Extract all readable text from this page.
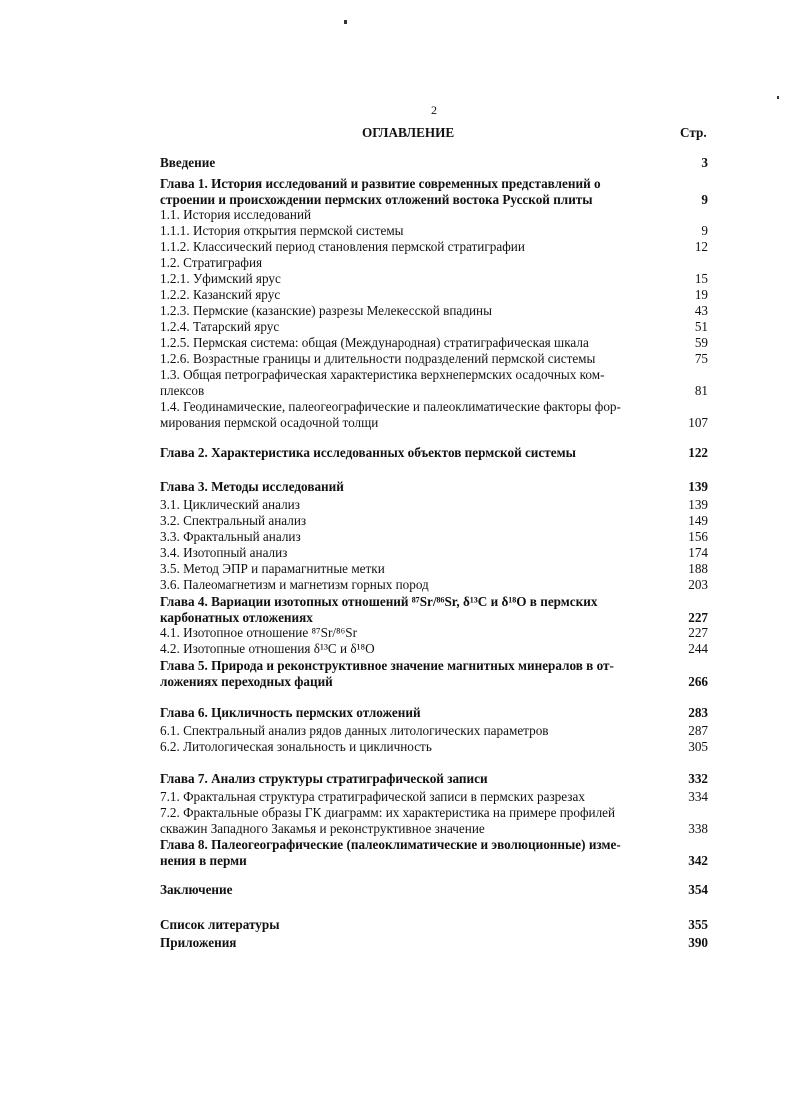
2
ОГЛАВЛЕНИЕ	Стр.
Введение	3
Глава 1. История исследований и развитие современных представлений о
строении и происхождении пермских отложений востока Русской плиты	9
1.1. История исследований
1.1.1. История открытия пермской системы	9
1.1.2. Классический период становления пермской стратиграфии	12
1.2. Стратиграфия
1.2.1. Уфимский ярус	15
1.2.2. Казанский ярус	19
1.2.3. Пермские (казанские) разрезы Мелекесской впадины	43
1.2.4. Татарский ярус	51
1.2.5. Пермская система: общая (Международная) стратиграфическая шкала	59
1.2.6. Возрастные границы и длительности подразделений пермской системы	75
1.3. Общая петрографическая характеристика верхнепермских осадочных ком-
плексов	81
1.4. Геодинамические, палеогеографические и палеоклиматические факторы фор-
мирования пермской осадочной толщи	107
Глава 2. Характеристика исследованных объектов пермской системы	122
Глава 3. Методы исследований	139
3.1. Циклический анализ	139
3.2. Спектральный анализ	149
3.3. Фрактальный анализ	156
3.4. Изотопный анализ	174
3.5. Метод ЭПР и парамагнитные метки	188
3.6. Палеомагнетизм и магнетизм горных пород	203
Глава 4. Вариации изотопных отношений ⁸⁷Sr/⁸⁶Sr, δ¹³C и δ¹⁸O в пермских
карбонатных отложениях	227
4.1. Изотопное отношение ⁸⁷Sr/⁸⁶Sr	227
4.2. Изотопные отношения δ¹³C и δ¹⁸O	244
Глава 5. Природа и реконструктивное значение магнитных минералов в от-
ложениях переходных фаций	266
Глава 6. Цикличность пермских отложений	283
6.1. Спектральный анализ рядов данных литологических параметров	287
6.2. Литологическая зональность и цикличность	305
Глава 7. Анализ структуры стратиграфической записи	332
7.1. Фрактальная структура стратиграфической записи в пермских разрезах	334
7.2. Фрактальные образы ГК диаграмм: их характеристика на примере профилей
скважин Западного Закамья и реконструктивное значение	338
Глава 8. Палеогеографические (палеоклиматические и эволюционные) изме-
нения в перми	342
Заключение	354
Список литературы	355
Приложения	390
